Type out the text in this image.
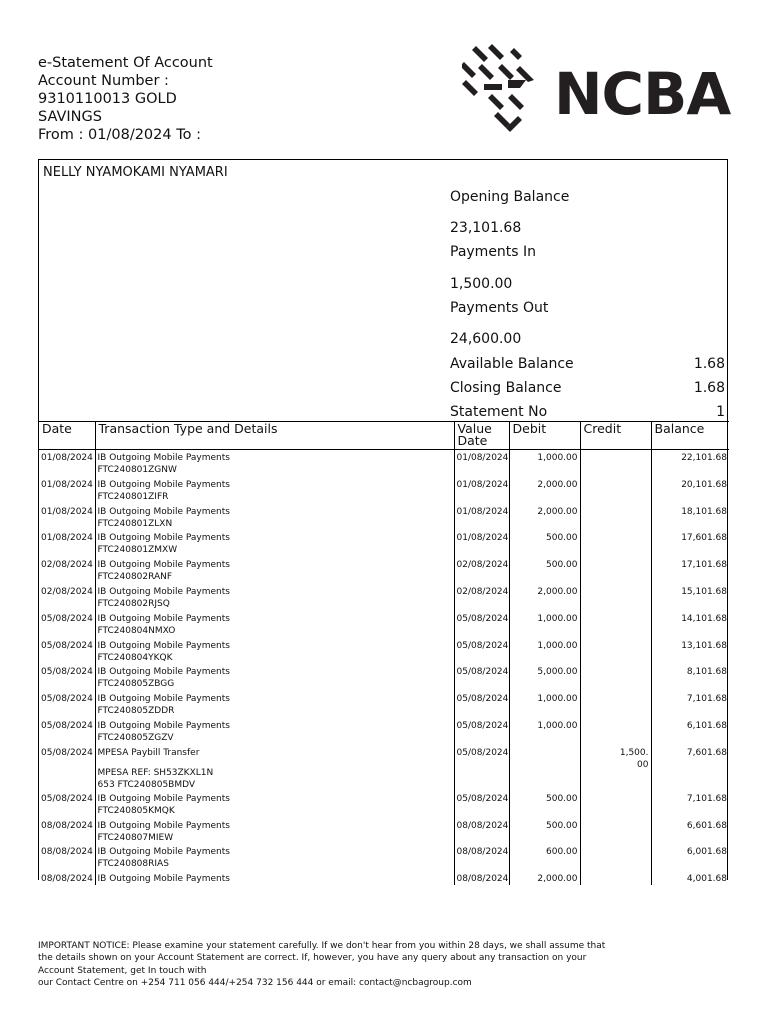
e-Statement Of Account
Account Number :
9310110013 GOLD
SAVINGS
From : 01/08/2024 To :
NCBA
NELLY NYAMOKAMI NYAMARI
Opening Balance
23,101.68
Payments In
1,500.00
Payments Out
24,600.00
Available Balance	1.68
Closing Balance	1.68
Statement No	1
Date	Transaction Type and Details	Value Date	Debit	Credit	Balance
01/08/2024	IB Outgoing Mobile Payments
FTC240801ZGNW	01/08/2024	1,000.00		22,101.68
01/08/2024	IB Outgoing Mobile Payments
FTC240801ZIFR	01/08/2024	2,000.00		20,101.68
01/08/2024	IB Outgoing Mobile Payments
FTC240801ZLXN	01/08/2024	2,000.00		18,101.68
01/08/2024	IB Outgoing Mobile Payments
FTC240801ZMXW	01/08/2024	500.00		17,601.68
02/08/2024	IB Outgoing Mobile Payments
FTC240802RANF	02/08/2024	500.00		17,101.68
02/08/2024	IB Outgoing Mobile Payments
FTC240802RJSQ	02/08/2024	2,000.00		15,101.68
05/08/2024	IB Outgoing Mobile Payments
FTC240804NMXO	05/08/2024	1,000.00		14,101.68
05/08/2024	IB Outgoing Mobile Payments
FTC240804YKQK	05/08/2024	1,000.00		13,101.68
05/08/2024	IB Outgoing Mobile Payments
FTC240805ZBGG	05/08/2024	5,000.00		8,101.68
05/08/2024	IB Outgoing Mobile Payments
FTC240805ZDDR	05/08/2024	1,000.00		7,101.68
05/08/2024	IB Outgoing Mobile Payments
FTC240805ZGZV	05/08/2024	1,000.00		6,101.68
05/08/2024	MPESA Paybill Transfer
MPESA REF: SH53ZKXL1N
653 FTC240805BMDV	05/08/2024		1,500.00	7,601.68
05/08/2024	IB Outgoing Mobile Payments
FTC240805KMQK	05/08/2024	500.00		7,101.68
08/08/2024	IB Outgoing Mobile Payments
FTC240807MIEW	08/08/2024	500.00		6,601.68
08/08/2024	IB Outgoing Mobile Payments
FTC240808RIAS	08/08/2024	600.00		6,001.68
08/08/2024	IB Outgoing Mobile Payments	08/08/2024	2,000.00		4,001.68
IMPORTANT NOTICE: Please examine your statement carefully. If we don't hear from you within 28 days, we shall assume that
the details shown on your Account Statement are correct. If, however, you have any query about any transaction on your
Account Statement, get In touch with
our Contact Centre on +254 711 056 444/+254 732 156 444 or email: contact@ncbagroup.com
